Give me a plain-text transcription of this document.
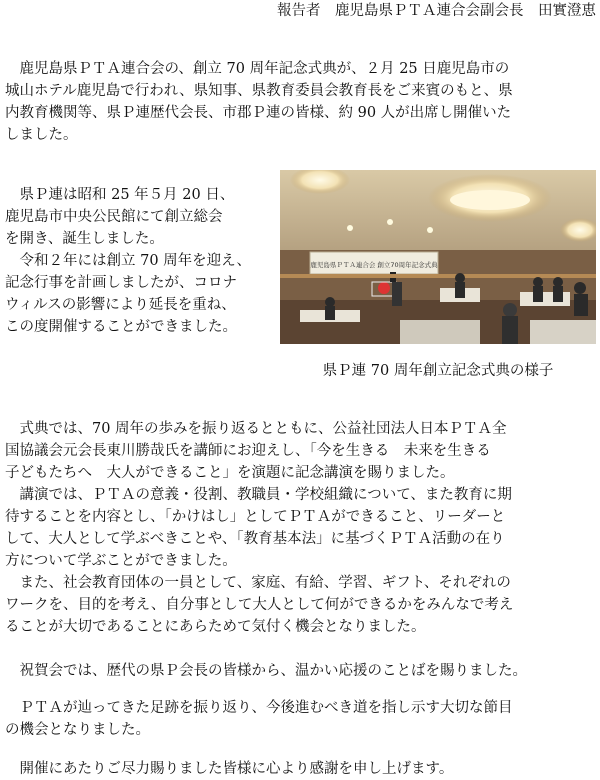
報告者　鹿児島県ＰＴＡ連合会副会長　田實澄恵
　鹿児島県ＰＴＡ連合会の、創立 70 周年記念式典が、２月 25 日鹿児島市の
城山ホテル鹿児島で行われ、県知事、県教育委員会教育長をご来賓のもと、県
内教育機関等、県Ｐ連歴代会長、市郡Ｐ連の皆様、約 90 人が出席し開催いた
しました。
　県Ｐ連は昭和 25 年５月 20 日、
鹿児島市中央公民館にて創立総会
を開き、誕生しました。
　令和２年には創立 70 周年を迎え、
記念行事を計画しましたが、コロナ
ウィルスの影響により延長を重ね、
この度開催することができました。
鹿児島県ＰＴＡ連合会 創立70周年記念式典
県Ｐ連 70 周年創立記念式典の様子
　式典では、70 周年の歩みを振り返るとともに、公益社団法人日本ＰＴＡ全
国協議会元会長東川勝哉氏を講師にお迎えし、「今を生きる　未来を生きる
子どもたちへ　大人ができること」を演題に記念講演を賜りました。
　講演では、ＰＴＡの意義・役割、教職員・学校組織について、また教育に期
待することを内容とし、「かけはし」としてＰＴＡができること、リーダーと
して、大人として学ぶべきことや、「教育基本法」に基づくＰＴＡ活動の在り
方について学ぶことができました。
　また、社会教育団体の一員として、家庭、有給、学習、ギフト、それぞれの
ワークを、目的を考え、自分事として大人として何ができるかをみんなで考え
ることが大切であることにあらためて気付く機会となりました。
　祝賀会では、歴代の県Ｐ会長の皆様から、温かい応援のことばを賜りました。
　ＰＴＡが辿ってきた足跡を振り返り、今後進むべき道を指し示す大切な節目
の機会となりました。
　開催にあたりご尽力賜りました皆様に心より感謝を申し上げます。
